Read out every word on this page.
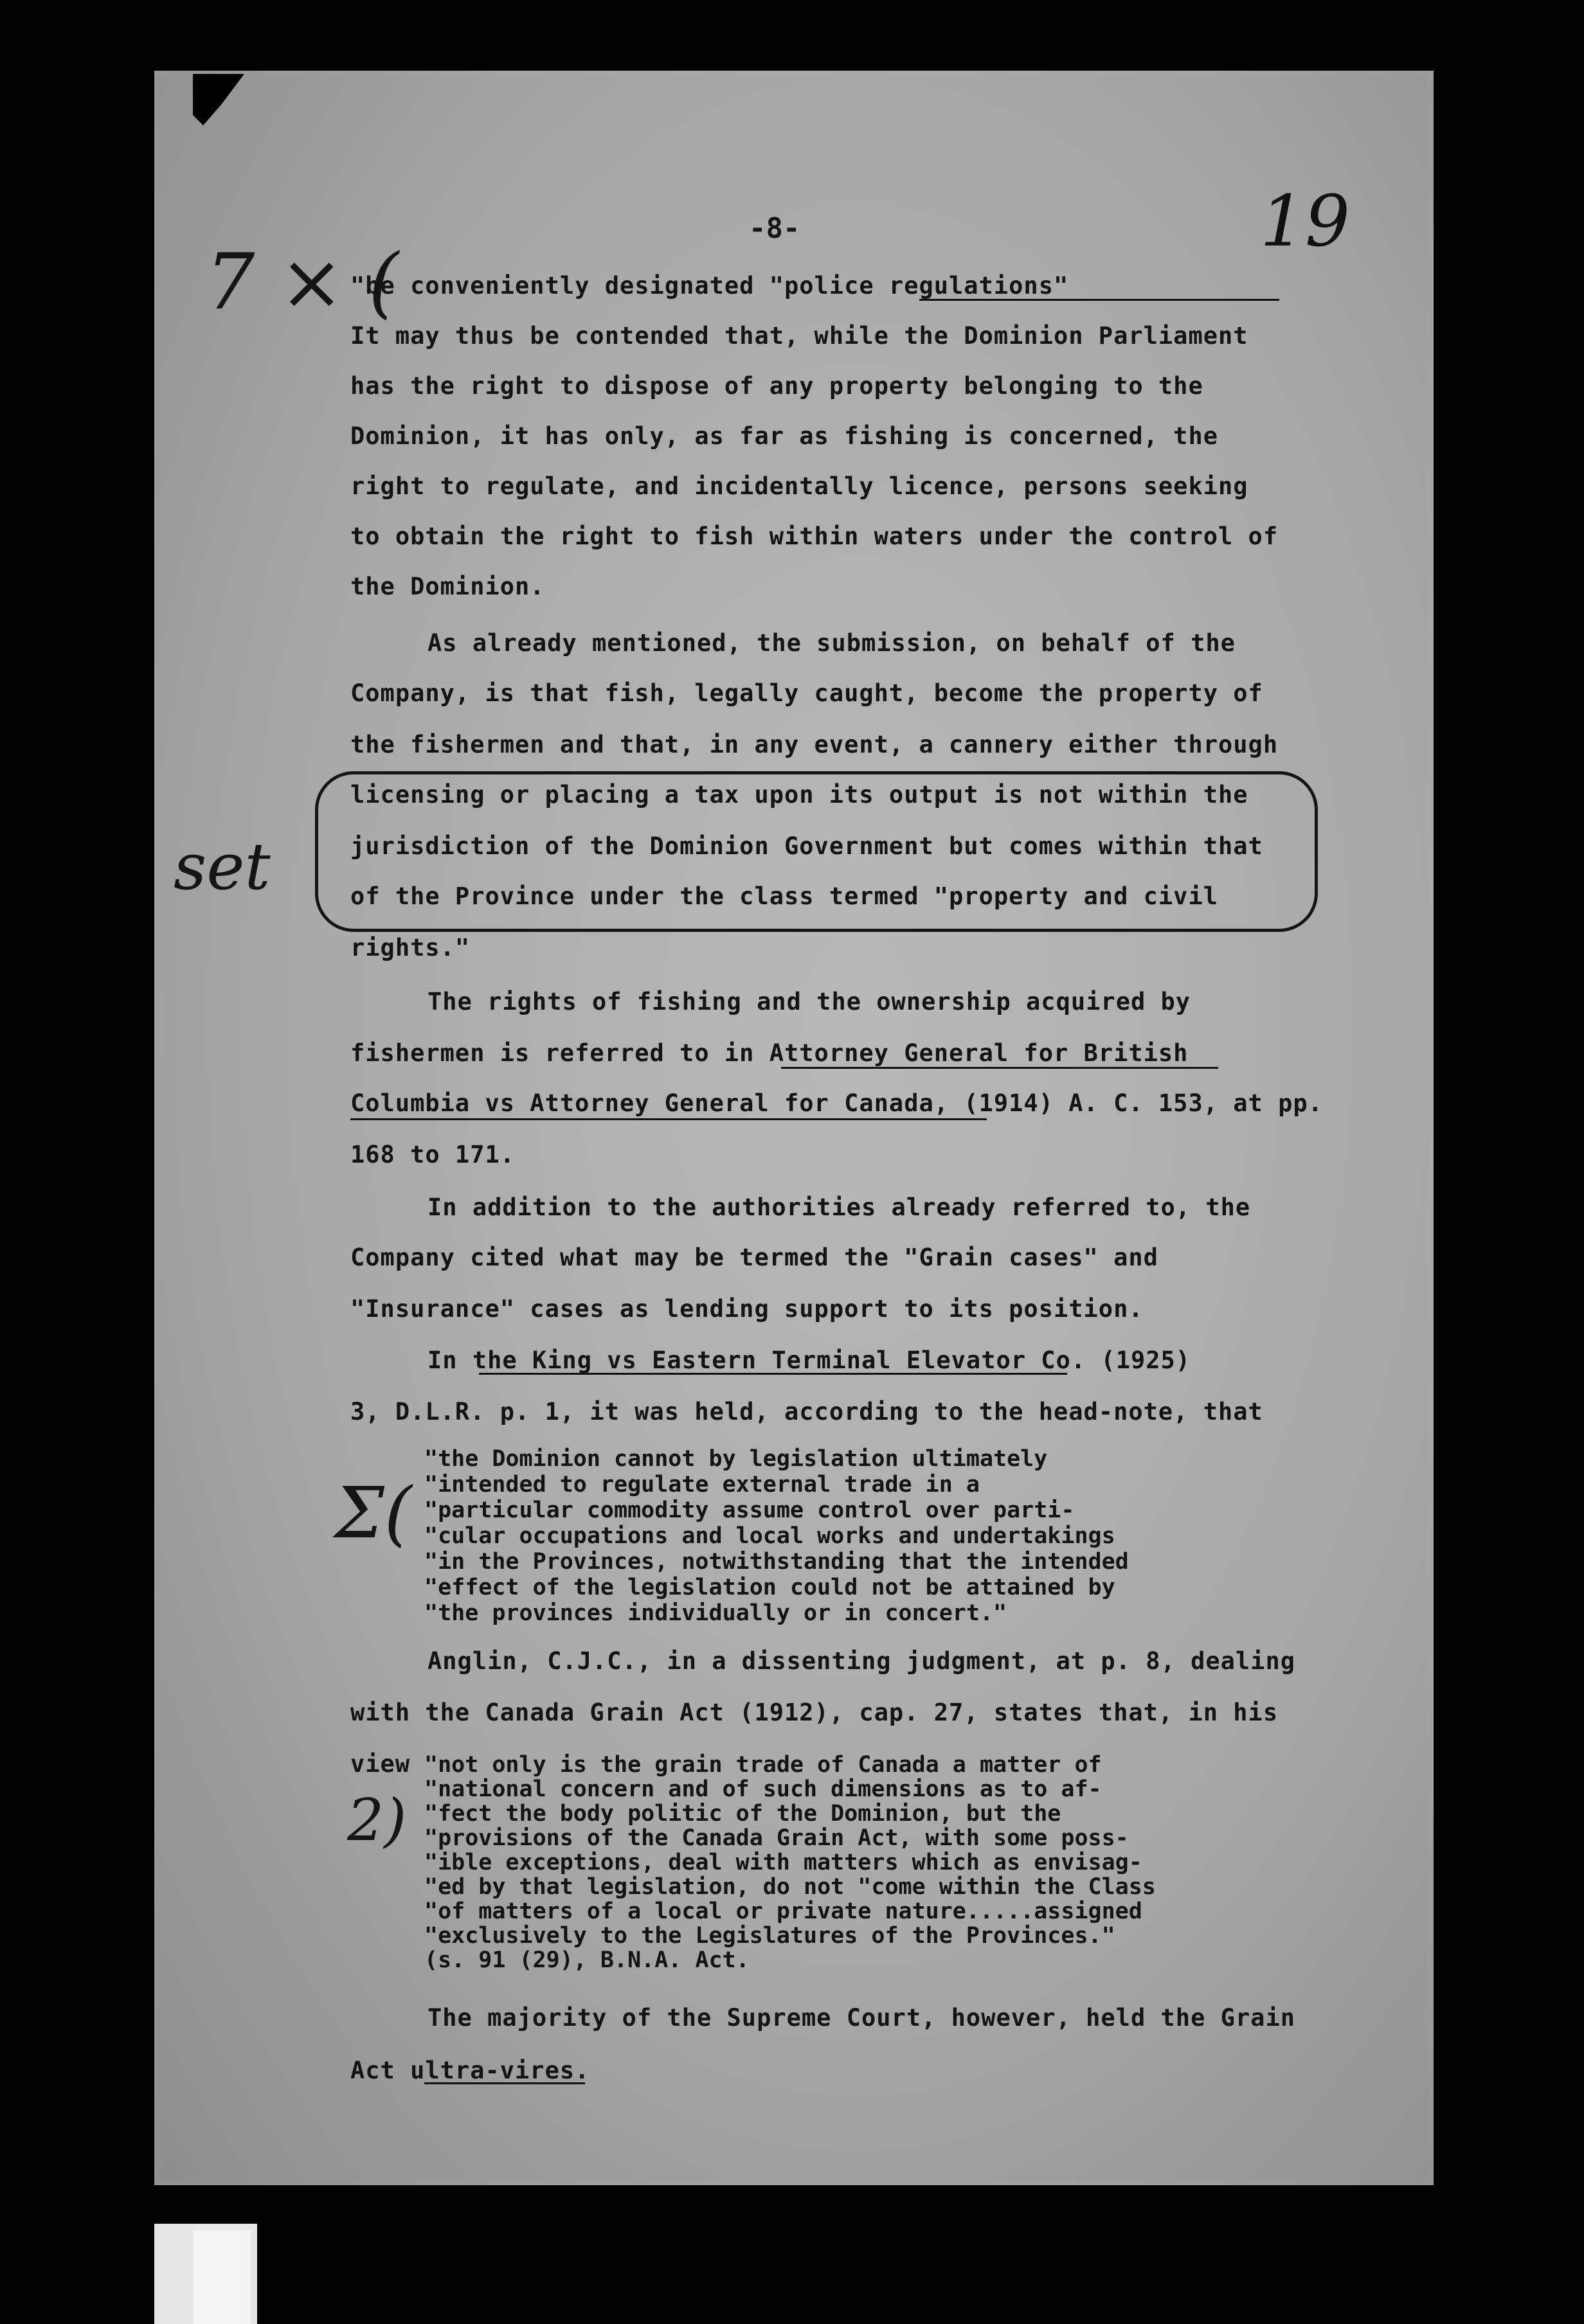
19
-8-
7 × (
set
Σ(
2)
"be conveniently designated "police regulations"
It may thus be contended that, while the Dominion Parliament
has the right to dispose of any property belonging to the
Dominion, it has only, as far as fishing is concerned, the
right to regulate, and incidentally licence, persons seeking
to obtain the right to fish within waters under the control of
the Dominion.
As already mentioned, the submission, on behalf of the
Company, is that fish, legally caught, become the property of
the fishermen and that, in any event, a cannery either through
licensing or placing a tax upon its output is not within the
jurisdiction of the Dominion Government but comes within that
of the Province under the class termed "property and civil
rights."
The rights of fishing and the ownership acquired by
fishermen is referred to in Attorney General for British
Columbia vs Attorney General for Canada, (1914) A. C. 153, at pp.
168 to 171.
In addition to the authorities already referred to, the
Company cited what may be termed the "Grain cases" and
"Insurance" cases as lending support to its position.
In the King vs Eastern Terminal Elevator Co. (1925)
3, D.L.R. p. 1, it was held, according to the head-note, that
"the Dominion cannot by legislation ultimately
"intended to regulate external trade in a
"particular commodity assume control over parti-
"cular occupations and local works and undertakings
"in the Provinces, notwithstanding that the intended
"effect of the legislation could not be attained by
"the provinces individually or in concert."
Anglin, C.J.C., in a dissenting judgment, at p. 8, dealing
with the Canada Grain Act (1912), cap. 27, states that, in his
view "not only is the grain trade of Canada a matter of
"national concern and of such dimensions as to af-
"fect the body politic of the Dominion, but the
"provisions of the Canada Grain Act, with some poss-
"ible exceptions, deal with matters which as envisag-
"ed by that legislation, do not "come within the Class
"of matters of a local or private nature.....assigned
"exclusively to the Legislatures of the Provinces."
(s. 91 (29), B.N.A. Act.
The majority of the Supreme Court, however, held the Grain
Act ultra-vires.
